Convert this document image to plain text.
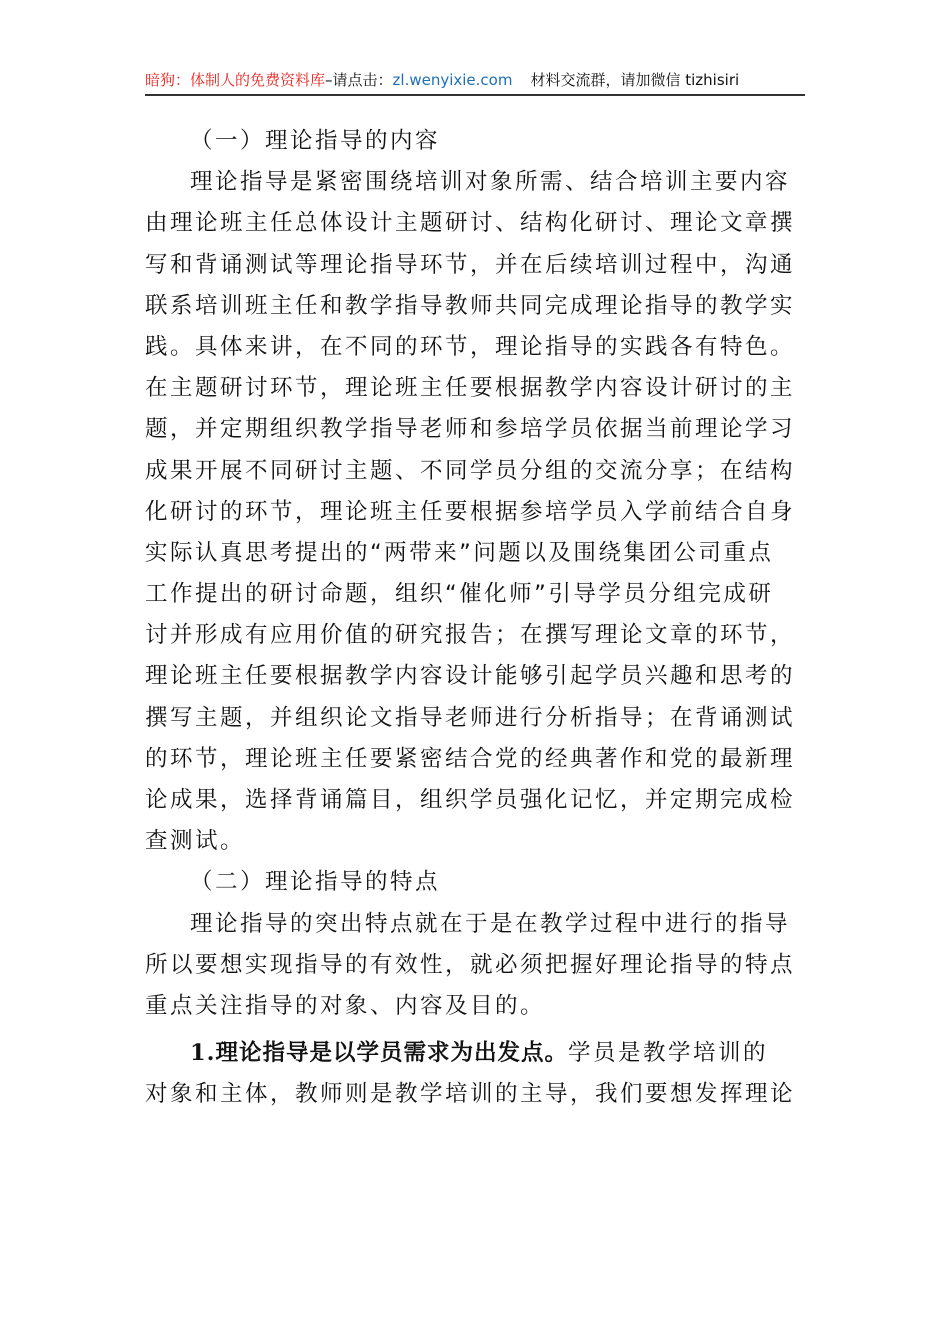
暗狗：体制人的免费资料库–请点击：zl.wenyixie.com 材料交流群，请加微信 tizhisiri
（一）理论指导的内容
理论指导是紧密围绕培训对象所需、结合培训主要内容
由理论班主任总体设计主题研讨、结构化研讨、理论文章撰
写和背诵测试等理论指导环节，并在后续培训过程中，沟通
联系培训班主任和教学指导教师共同完成理论指导的教学实
践。具体来讲，在不同的环节，理论指导的实践各有特色。
在主题研讨环节，理论班主任要根据教学内容设计研讨的主
题，并定期组织教学指导老师和参培学员依据当前理论学习
成果开展不同研讨主题、不同学员分组的交流分享；在结构
化研讨的环节，理论班主任要根据参培学员入学前结合自身
实际认真思考提出的“两带来”问题以及围绕集团公司重点
工作提出的研讨命题，组织“催化师”引导学员分组完成研
讨并形成有应用价值的研究报告；在撰写理论文章的环节，
理论班主任要根据教学内容设计能够引起学员兴趣和思考的
撰写主题，并组织论文指导老师进行分析指导；在背诵测试
的环节，理论班主任要紧密结合党的经典著作和党的最新理
论成果，选择背诵篇目，组织学员强化记忆，并定期完成检
查测试。
（二）理论指导的特点
理论指导的突出特点就在于是在教学过程中进行的指导
所以要想实现指导的有效性，就必须把握好理论指导的特点
重点关注指导的对象、内容及目的。
1.理论指导是以学员需求为出发点。学员是教学培训的
对象和主体，教师则是教学培训的主导，我们要想发挥理论
